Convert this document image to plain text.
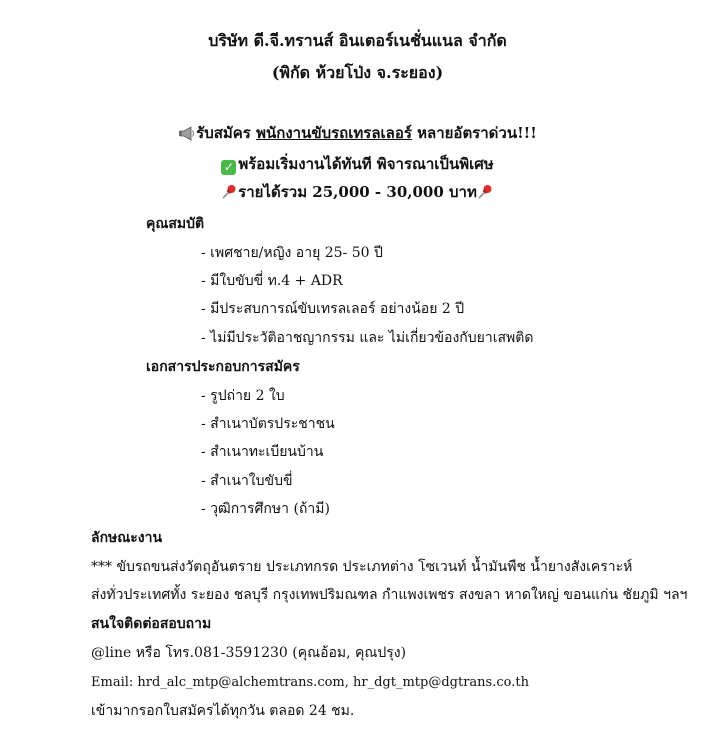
บริษัท ดี.จี.ทรานส์ อินเตอร์เนชั่นแนล จำกัด
(พิกัด ห้วยโป่ง จ.ระยอง)
รับสมัคร พนักงานขับรถเทรลเลอร์ หลายอัตราด่วน!!!
✓ พร้อมเริ่มงานได้ทันที พิจารณาเป็นพิเศษ
รายได้รวม 25,000 - 30,000 บาท
คุณสมบัติ
- เพศชาย/หญิง อายุ 25- 50 ปี
- มีใบขับขี่ ท.4 + ADR
- มีประสบการณ์ขับเทรลเลอร์ อย่างน้อย 2 ปี
- ไม่มีประวัติอาชญากรรม และ ไม่เกี่ยวข้องกับยาเสพติด
เอกสารประกอบการสมัคร
- รูปถ่าย 2 ใบ
- สำเนาบัตรประชาชน
- สำเนาทะเบียนบ้าน
- สำเนาใบขับขี่
- วุฒิการศึกษา (ถ้ามี)
ลักษณะงาน
*** ขับรถขนส่งวัตถุอันตราย ประเภทกรด ประเภทต่าง โซเวนท์ น้ำมันพืช น้ำยางสังเคราะห์
ส่งทั่วประเทศทั้ง ระยอง ชลบุรี กรุงเทพปริมณฑล กำแพงเพชร สงขลา หาดใหญ่ ขอนแก่น ชัยภูมิ ฯลฯ
สนใจติดต่อสอบถาม
@line หรือ โทร.081-3591230 (คุณอ้อม, คุณปรุง)
Email: hrd_alc_mtp@alchemtrans.com, hr_dgt_mtp@dgtrans.co.th
เข้ามากรอกใบสมัครได้ทุกวัน ตลอด 24 ชม.
